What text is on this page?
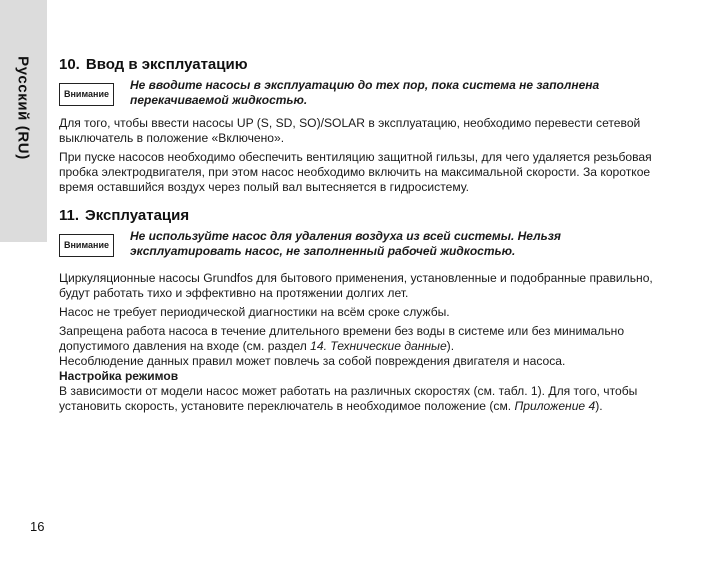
Русский (RU) 10. Ввод в эксплуатацию
Внимание
Не вводите насосы в эксплуатацию до тех пор, пока система не заполнена перекачиваемой жидкостью.

Для того, чтобы ввести насосы UP (S, SD, SO)/SOLAR в эксплуатацию, необходимо перевести сетевой выключатель в положение «Включено».

При пуске насосов необходимо обеспечить вентиляцию защитной гильзы, для чего удаляется резьбовая пробка электродвигателя, при этом насос необходимо включить на максимальной скорости. За короткое время оставшийся воздух через полый вал вытесняется в гидросистему.

11. Эксплуатация
Внимание
Не используйте насос для удаления воздуха из всей системы. Нельзя эксплуатировать насос, не заполненный рабочей жидкостью.

Циркуляционные насосы Grundfos для бытового применения, установленные и подобранные правильно, будут работать тихо и эффективно на протяжении долгих лет.

Насос не требует периодической диагностики на всём сроке службы.

Запрещена работа насоса в течение длительного времени без воды в системе или без минимально допустимого давления на входе (см. раздел 14. Технические данные).

Несоблюдение данных правил может повлечь за собой повреждения двигателя и насоса.

Настройка режимов

В зависимости от модели насос может работать на различных скоростях (см. табл. 1). Для того, чтобы установить скорость, установите переключатель в необходимое положение (см. Приложение 4).

16
